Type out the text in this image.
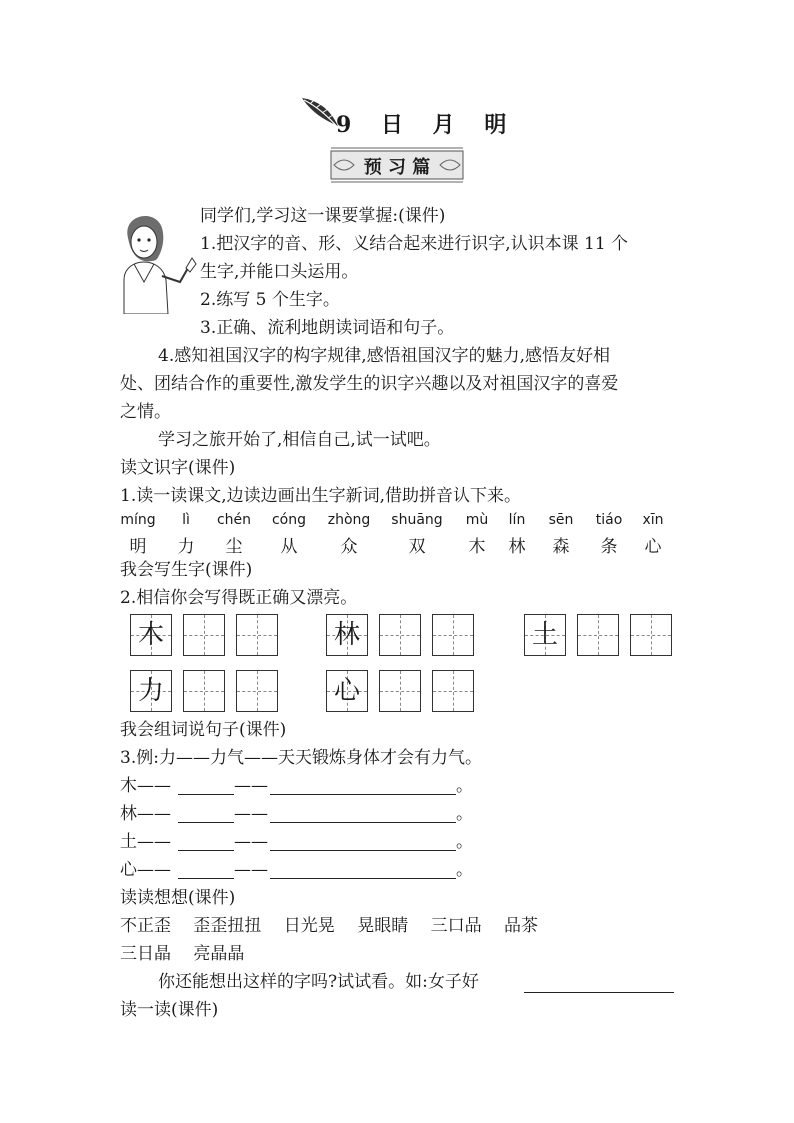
9 日 月 明
预 习 篇
同学们,学习这一课要掌握:(课件)
1.把汉字的音、形、义结合起来进行识字,认识本课 11 个
生字,并能口头运用。
2.练写 5 个生字。
3.正确、流利地朗读词语和句子。
4.感知祖国汉字的构字规律,感悟祖国汉字的魅力,感悟友好相
处、团结合作的重要性,激发学生的识字兴趣以及对祖国汉字的喜爱
之情。
学习之旅开始了,相信自己,试一试吧。
读文识字(课件)
1.读一读课文,边读边画出生字新词,借助拼音认下来。
míng	lì	chén	cóng	zhòng	shuāng	mù	lín	sēn	tiáo	xīn
明	力	尘	从	众	双	木	林	森	条	心
我会写生字(课件)
2.相信你会写得既正确又漂亮。
木	林	土
力	心
我会组词说句子(课件)
3.例:力——力气——天天锻炼身体才会有力气。
木——	——	。
林——	——	。
土——	——	。
心——	——	。
读读想想(课件)
不正歪　 歪歪扭扭　 日光晃　 晃眼睛　 三口品　 品茶
三日晶　 亮晶晶
你还能想出这样的字吗?试试看。如:女子好
读一读(课件)
